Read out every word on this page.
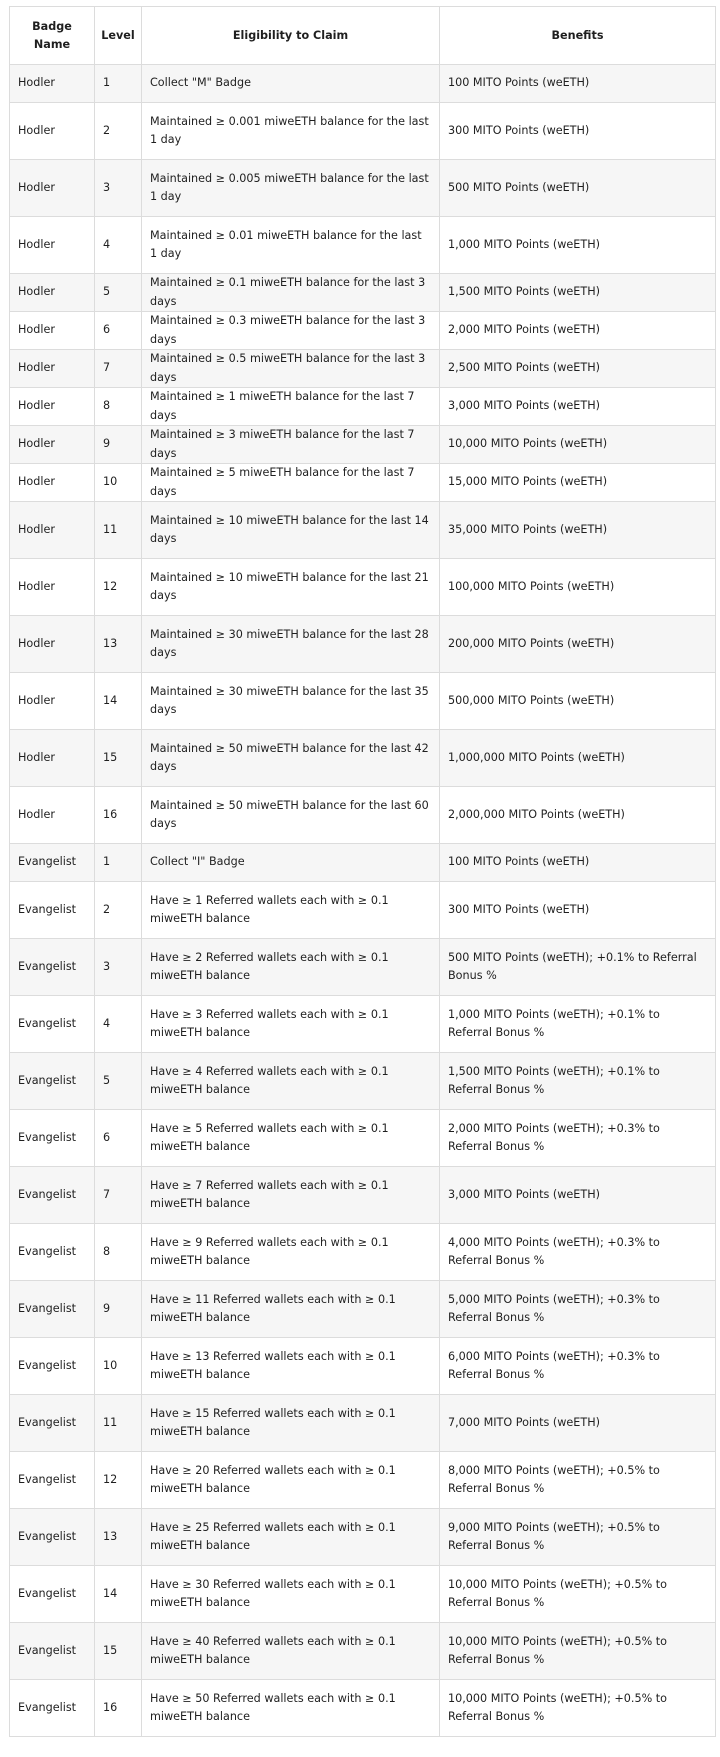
Badge Name	Level	Eligibility to Claim	Benefits
Hodler	1	Collect "M" Badge	100 MITO Points (weETH)
Hodler	2	Maintained ≥ 0.001 miweETH balance for the last 1 day	300 MITO Points (weETH)
Hodler	3	Maintained ≥ 0.005 miweETH balance for the last 1 day	500 MITO Points (weETH)
Hodler	4	Maintained ≥ 0.01 miweETH balance for the last 1 day	1,000 MITO Points (weETH)
Hodler	5	Maintained ≥ 0.1 miweETH balance for the last 3 days	1,500 MITO Points (weETH)
Hodler	6	Maintained ≥ 0.3 miweETH balance for the last 3 days	2,000 MITO Points (weETH)
Hodler	7	Maintained ≥ 0.5 miweETH balance for the last 3 days	2,500 MITO Points (weETH)
Hodler	8	Maintained ≥ 1 miweETH balance for the last 7 days	3,000 MITO Points (weETH)
Hodler	9	Maintained ≥ 3 miweETH balance for the last 7 days	10,000 MITO Points (weETH)
Hodler	10	Maintained ≥ 5 miweETH balance for the last 7 days	15,000 MITO Points (weETH)
Hodler	11	Maintained ≥ 10 miweETH balance for the last 14 days	35,000 MITO Points (weETH)
Hodler	12	Maintained ≥ 10 miweETH balance for the last 21 days	100,000 MITO Points (weETH)
Hodler	13	Maintained ≥ 30 miweETH balance for the last 28 days	200,000 MITO Points (weETH)
Hodler	14	Maintained ≥ 30 miweETH balance for the last 35 days	500,000 MITO Points (weETH)
Hodler	15	Maintained ≥ 50 miweETH balance for the last 42 days	1,000,000 MITO Points (weETH)
Hodler	16	Maintained ≥ 50 miweETH balance for the last 60 days	2,000,000 MITO Points (weETH)
Evangelist	1	Collect "I" Badge	100 MITO Points (weETH)
Evangelist	2	Have ≥ 1 Referred wallets each with ≥ 0.1 miweETH balance	300 MITO Points (weETH)
Evangelist	3	Have ≥ 2 Referred wallets each with ≥ 0.1 miweETH balance	500 MITO Points (weETH); +0.1% to Referral Bonus %
Evangelist	4	Have ≥ 3 Referred wallets each with ≥ 0.1 miweETH balance	1,000 MITO Points (weETH); +0.1% to Referral Bonus %
Evangelist	5	Have ≥ 4 Referred wallets each with ≥ 0.1 miweETH balance	1,500 MITO Points (weETH); +0.1% to Referral Bonus %
Evangelist	6	Have ≥ 5 Referred wallets each with ≥ 0.1 miweETH balance	2,000 MITO Points (weETH); +0.3% to Referral Bonus %
Evangelist	7	Have ≥ 7 Referred wallets each with ≥ 0.1 miweETH balance	3,000 MITO Points (weETH)
Evangelist	8	Have ≥ 9 Referred wallets each with ≥ 0.1 miweETH balance	4,000 MITO Points (weETH); +0.3% to Referral Bonus %
Evangelist	9	Have ≥ 11 Referred wallets each with ≥ 0.1 miweETH balance	5,000 MITO Points (weETH); +0.3% to Referral Bonus %
Evangelist	10	Have ≥ 13 Referred wallets each with ≥ 0.1 miweETH balance	6,000 MITO Points (weETH); +0.3% to Referral Bonus %
Evangelist	11	Have ≥ 15 Referred wallets each with ≥ 0.1 miweETH balance	7,000 MITO Points (weETH)
Evangelist	12	Have ≥ 20 Referred wallets each with ≥ 0.1 miweETH balance	8,000 MITO Points (weETH); +0.5% to Referral Bonus %
Evangelist	13	Have ≥ 25 Referred wallets each with ≥ 0.1 miweETH balance	9,000 MITO Points (weETH); +0.5% to Referral Bonus %
Evangelist	14	Have ≥ 30 Referred wallets each with ≥ 0.1 miweETH balance	10,000 MITO Points (weETH); +0.5% to Referral Bonus %
Evangelist	15	Have ≥ 40 Referred wallets each with ≥ 0.1 miweETH balance	10,000 MITO Points (weETH); +0.5% to Referral Bonus %
Evangelist	16	Have ≥ 50 Referred wallets each with ≥ 0.1 miweETH balance	10,000 MITO Points (weETH); +0.5% to Referral Bonus %
